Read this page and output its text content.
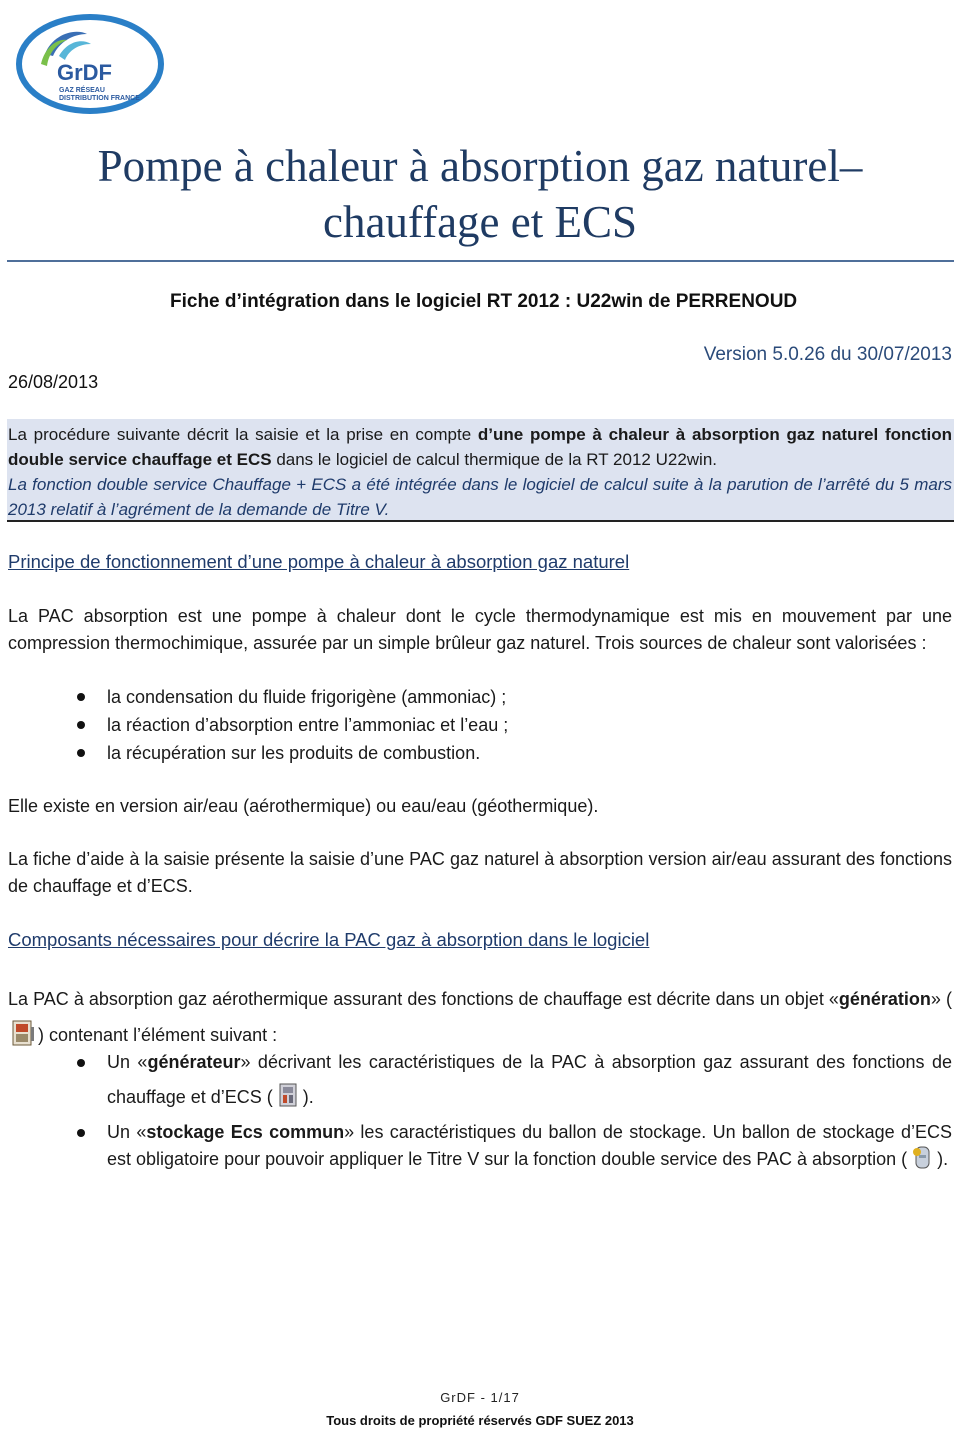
GrDF
GAZ RÉSEAU
DISTRIBUTION FRANCE
Pompe à chaleur à absorption gaz naturel–
chauffage et ECS
Fiche d’intégration dans le logiciel RT 2012 : U22win de PERRENOUD
Version 5.0.26 du 30/07/2013
26/08/2013

La procédure suivante décrit la saisie et la prise en compte d’une pompe à chaleur à absorption gaz naturel fonction double service chauffage et ECS dans le logiciel de calcul thermique de la RT 2012 U22win.

La fonction double service Chauffage + ECS a été intégrée dans le logiciel de calcul suite à la parution de l’arrêté du 5 mars 2013 relatif à l’agrément de la demande de Titre V.

Principe de fonctionnement d’une pompe à chaleur à absorption gaz naturel

La PAC absorption est une pompe à chaleur dont le cycle thermodynamique est mis en mouvement par une compression thermochimique, assurée par un simple brûleur gaz naturel. Trois sources de chaleur sont valorisées :

la condensation du fluide frigorigène (ammoniac) ;
la réaction d’absorption entre l’ammoniac et l’eau ;
la récupération sur les produits de combustion.

Elle existe en version air/eau (aérothermique) ou eau/eau (géothermique).

La fiche d’aide à la saisie présente la saisie d’une PAC gaz naturel à absorption version air/eau assurant des fonctions de chauffage et d’ECS.

Composants nécessaires pour décrire la PAC gaz à absorption dans le logiciel
La PAC à absorption gaz aérothermique assurant des fonctions de chauffage est décrite dans un objet «génération» () contenant l’élément suivant :
Un «générateur» décrivant les caractéristiques de la PAC à absorption gaz assurant des fonctions de chauffage et d’ECS ( ).
Un «stockage Ecs commun» les caractéristiques du ballon de stockage. Un ballon de stockage d’ECS est obligatoire pour pouvoir appliquer le Titre V sur la fonction double service des PAC à absorption ( ).
GrDF - 1/17
Tous droits de propriété réservés GDF SUEZ 2013
